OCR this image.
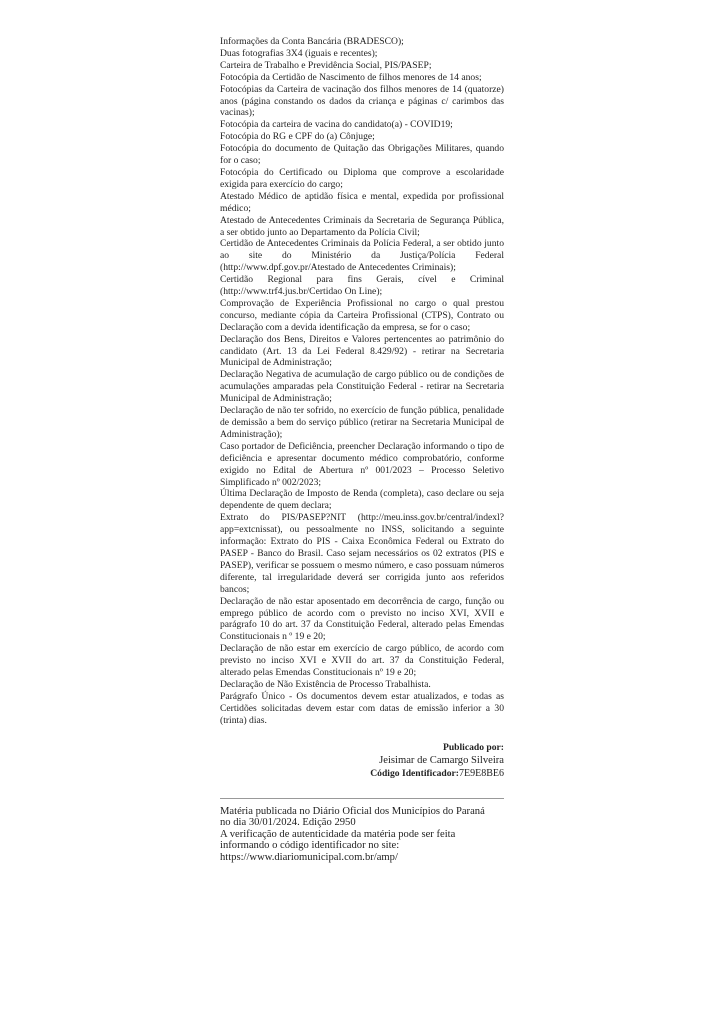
Informações da Conta Bancária (BRADESCO);

Duas fotografias 3X4 (iguais e recentes);

Carteira de Trabalho e Previdência Social, PIS/PASEP;

Fotocópia da Certidão de Nascimento de filhos menores de 14 anos;

Fotocópias da Carteira de vacinação dos filhos menores de 14 (quatorze) anos (página constando os dados da criança e páginas c/ carimbos das vacinas);

Fotocópia da carteira de vacina do candidato(a) - COVID19;

Fotocópia do RG e CPF do (a) Cônjuge;

Fotocópia do documento de Quitação das Obrigações Militares, quando for o caso;

Fotocópia do Certificado ou Diploma que comprove a escolaridade exigida para exercício do cargo;

Atestado Médico de aptidão física e mental, expedida por profissional médico;

Atestado de Antecedentes Criminais da Secretaria de Segurança Pública, a ser obtido junto ao Departamento da Polícia Civil;

Certidão de Antecedentes Criminais da Polícia Federal, a ser obtido junto ao site do Ministério da Justiça/Polícia Federal (http://www.dpf.gov.pr/Atestado de Antecedentes Criminais);

Certidão Regional para fins Gerais, cível e Criminal (http://www.trf4.jus.br/Certidao On Line);

Comprovação de Experiência Profissional no cargo o qual prestou concurso, mediante cópia da Carteira Profissional (CTPS), Contrato ou Declaração com a devida identificação da empresa, se for o caso;

Declaração dos Bens, Direitos e Valores pertencentes ao patrimônio do candidato (Art. 13 da Lei Federal 8.429/92) - retirar na Secretaria Municipal de Administração;

Declaração Negativa de acumulação de cargo público ou de condições de acumulações amparadas pela Constituição Federal - retirar na Secretaria Municipal de Administração;

Declaração de não ter sofrido, no exercício de função pública, penalidade de demissão a bem do serviço público (retirar na Secretaria Municipal de Administração);

Caso portador de Deficiência, preencher Declaração informando o tipo de deficiência e apresentar documento médico comprobatório, conforme exigido no Edital de Abertura nº 001/2023 – Processo Seletivo Simplificado nº 002/2023;

Última Declaração de Imposto de Renda (completa), caso declare ou seja dependente de quem declara;

Extrato do PIS/PASEP?NIT (http://meu.inss.gov.br/central/indexl?app=extcnissat), ou pessoalmente no INSS, solicitando a seguinte informação: Extrato do PIS - Caixa Econômica Federal ou Extrato do PASEP - Banco do Brasil. Caso sejam necessários os 02 extratos (PIS e PASEP), verificar se possuem o mesmo número, e caso possuam números diferente, tal irregularidade deverá ser corrigida junto aos referidos bancos;

Declaração de não estar aposentado em decorrência de cargo, função ou emprego público de acordo com o previsto no inciso XVI, XVII e parágrafo 10 do art. 37 da Constituição Federal, alterado pelas Emendas Constitucionais n º 19 e 20;

Declaração de não estar em exercício de cargo público, de acordo com previsto no inciso XVI e XVII do art. 37 da Constituição Federal, alterado pelas Emendas Constitucionais nº 19 e 20;

Declaração de Não Existência de Processo Trabalhista.

Parágrafo Único - Os documentos devem estar atualizados, e todas as Certidões solicitadas devem estar com datas de emissão inferior a 30 (trinta) dias.

Publicado por:
Jeisimar de Camargo Silveira
Código Identificador:7E9E8BE6

Matéria publicada no Diário Oficial dos Municípios do Paraná

no dia 30/01/2024. Edição 2950

A verificação de autenticidade da matéria pode ser feita

informando o código identificador no site:

https://www.diariomunicipal.com.br/amp/
